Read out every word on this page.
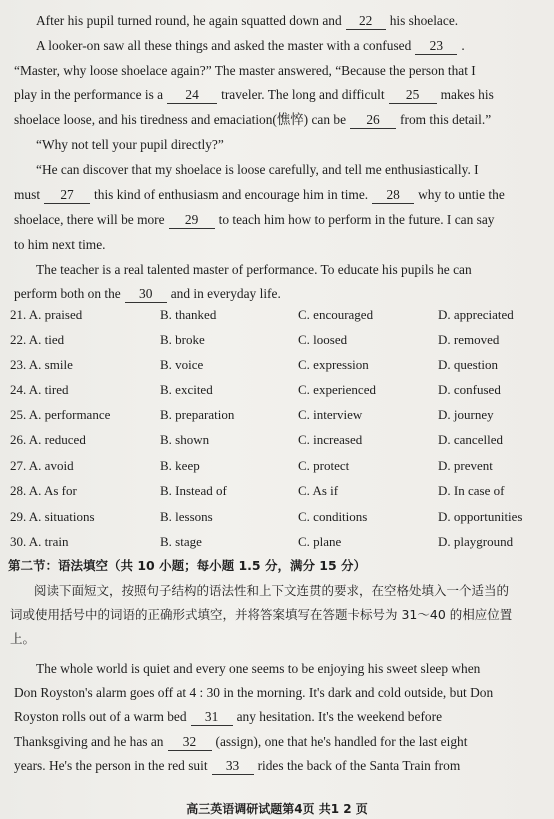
After his pupil turned round, he again squatted down and 22 his shoelace.
A looker-on saw all these things and asked the master with a confused 23 .
“Master, why loose shoelace again?” The master answered, “Because the person that I
play in the performance is a 24 traveler. The long and difficult 25 makes his
shoelace loose, and his tiredness and emaciation(憔悴) can be 26 from this detail.”
“Why not tell your pupil directly?”
“He can discover that my shoelace is loose carefully, and tell me enthusiastically. I
must 27 this kind of enthusiasm and encourage him in time. 28 why to untie the
shoelace, there will be more 29 to teach him how to perform in the future. I can say
to him next time.
The teacher is a real talented master of performance. To educate his pupils he can
perform both on the 30 and in everyday life.
21. A. praised	B. thanked	C. encouraged	D. appreciated
22. A. tied	B. broke	C. loosed	D. removed
23. A. smile	B. voice	C. expression	D. question
24. A. tired	B. excited	C. experienced	D. confused
25. A. performance	B. preparation	C. interview	D. journey
26. A. reduced	B. shown	C. increased	D. cancelled
27. A. avoid	B. keep	C. protect	D. prevent
28. A. As for	B. Instead of	C. As if	D. In case of
29. A. situations	B. lessons	C. conditions	D. opportunities
30. A. train	B. stage	C. plane	D. playground
第二节：语法填空（共 10 小题；每小题 1.5 分，满分 15 分）
阅读下面短文，按照句子结构的语法性和上下文连贯的要求，在空格处填入一个适当的
词或使用括号中的词语的正确形式填空，并将答案填写在答题卡标号为 31～40 的相应位置
上。
The whole world is quiet and every one seems to be enjoying his sweet sleep when
Don Royston's alarm goes off at 4 : 30 in the morning. It's dark and cold outside, but Don
Royston rolls out of a warm bed 31 any hesitation. It's the weekend before
Thanksgiving and he has an 32 (assign), one that he's handled for the last eight
years. He's the person in the red suit 33 rides the back of the Santa Train from
高三英语调研试题第4页 共1 2 页
